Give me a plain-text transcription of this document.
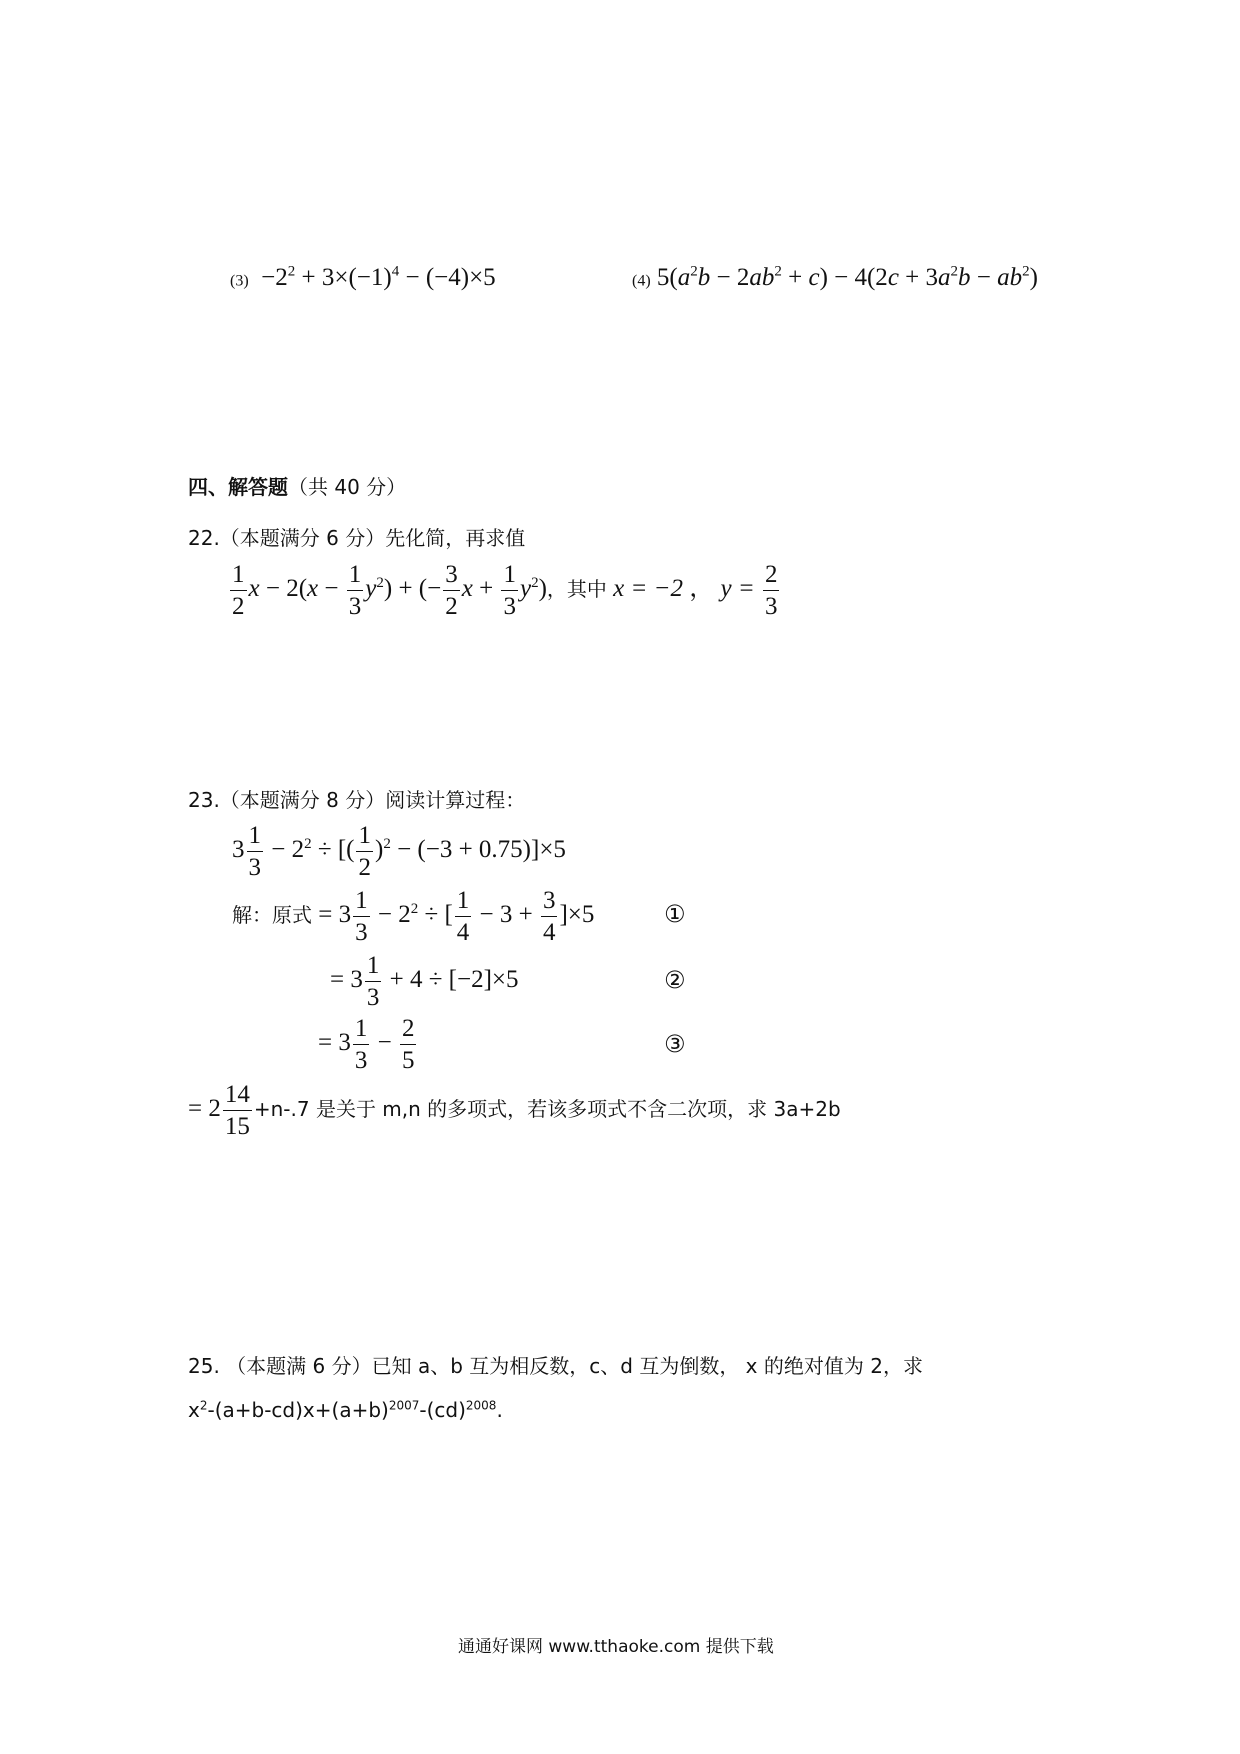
$(3) -2^2 + 3\times(-1)^4 - (-4)\times 5$	(4) $5(a^2b - 2ab^2 + c) - 4(2c + 3a^2b - ab^2)$
四、解答题（共 40 分）
22.（本题满分 6 分）先化简，再求值
$\frac{1}{2}$ $x - 2(x - \frac{1}{3} y^2)$ + (− $\frac{3}{2}$ $x + \frac{1}{3} y^2$)，其中 x = −2 ， $y = \frac{2}{3}$
23.（本题满分 8 分）阅读计算过程：
$3 \frac{1}{3} - 2^2$ ÷ [( $\frac{1}{2} )^2 - (-3 + 0.75)]\times 5$
解：原式 = $3 \frac{1}{3} - 2^2$ ÷ [ $\frac{1}{4} - 3 + \frac{3}{4} ]\times 5$	①
= $3 \frac{1}{3} + 4 \div [-2]\times 5$	②
= $3 \frac{1}{3} - \frac{2}{5}$	③
= $2 \frac{14}{15} +n-.7$ 是关于 m,n 的多项式，若该多项式不含二次项，求 3a+2b
25. （本题满 6 分）已知 a、b 互为相反数，c、d 互为倒数， x 的绝对值为 2，求
$x^2-(a+b-cd)x+(a+b)^{2007}-(cd)^{2008}$.
通通好课网 www.tthaoke.com 提供下载
